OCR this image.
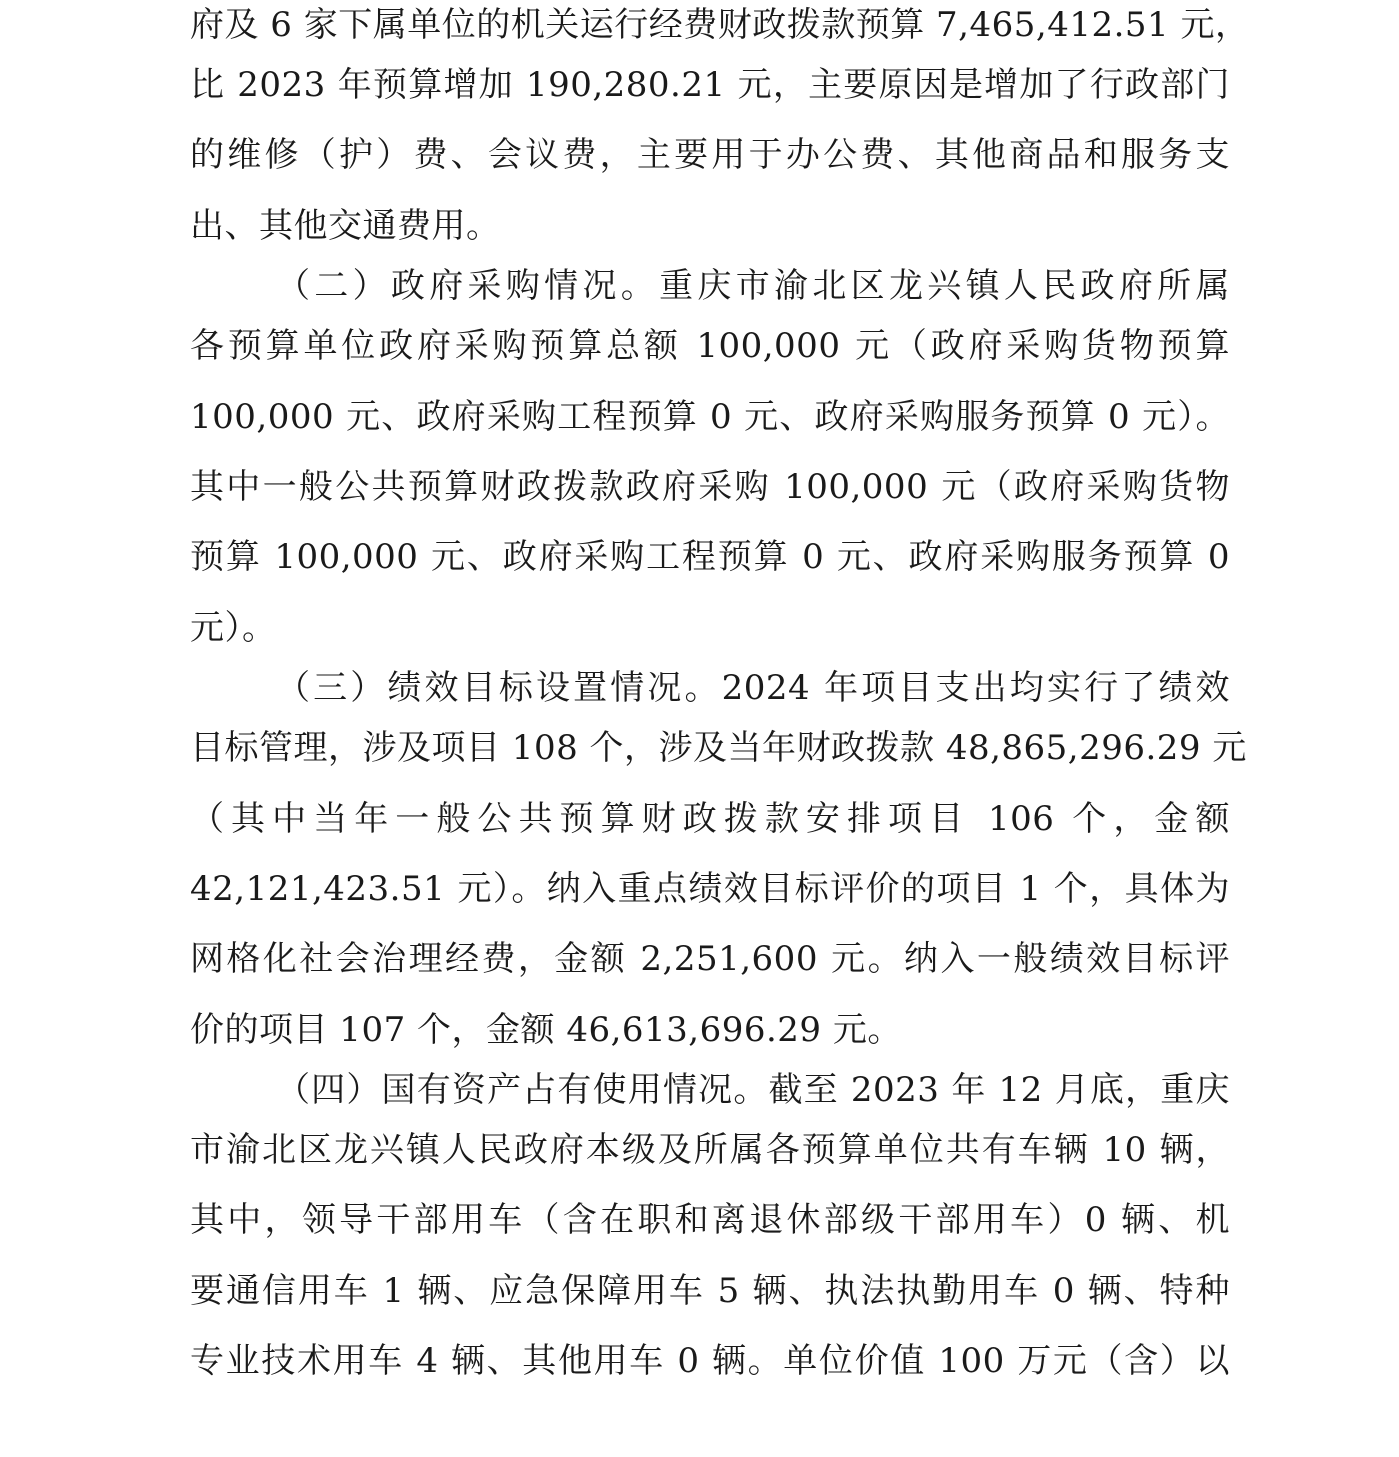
府及 6 家下属单位的机关运行经费财政拨款预算 7,465,412.51 元，
比 2023 年预算增加 190,280.21 元，主要原因是增加了行政部门
的维修（护）费、会议费，主要用于办公费、其他商品和服务支
出、其他交通费用。
（二）政府采购情况。重庆市渝北区龙兴镇人民政府所属
各预算单位政府采购预算总额 100,000 元（政府采购货物预算
100,000 元、政府采购工程预算 0 元、政府采购服务预算 0 元）。
其中一般公共预算财政拨款政府采购 100,000 元（政府采购货物
预算 100,000 元、政府采购工程预算 0 元、政府采购服务预算 0
元）。
（三）绩效目标设置情况。2024 年项目支出均实行了绩效
目标管理，涉及项目 108 个，涉及当年财政拨款 48,865,296.29 元
（其中当年一般公共预算财政拨款安排项目 106 个，金额
42,121,423.51 元）。纳入重点绩效目标评价的项目 1 个，具体为
网格化社会治理经费，金额 2,251,600 元。纳入一般绩效目标评
价的项目 107 个，金额 46,613,696.29 元。
（四）国有资产占有使用情况。截至 2023 年 12 月底，重庆
市渝北区龙兴镇人民政府本级及所属各预算单位共有车辆 10 辆，
其中，领导干部用车（含在职和离退休部级干部用车）0 辆、机
要通信用车 1 辆、应急保障用车 5 辆、执法执勤用车 0 辆、特种
专业技术用车 4 辆、其他用车 0 辆。单位价值 100 万元（含）以
